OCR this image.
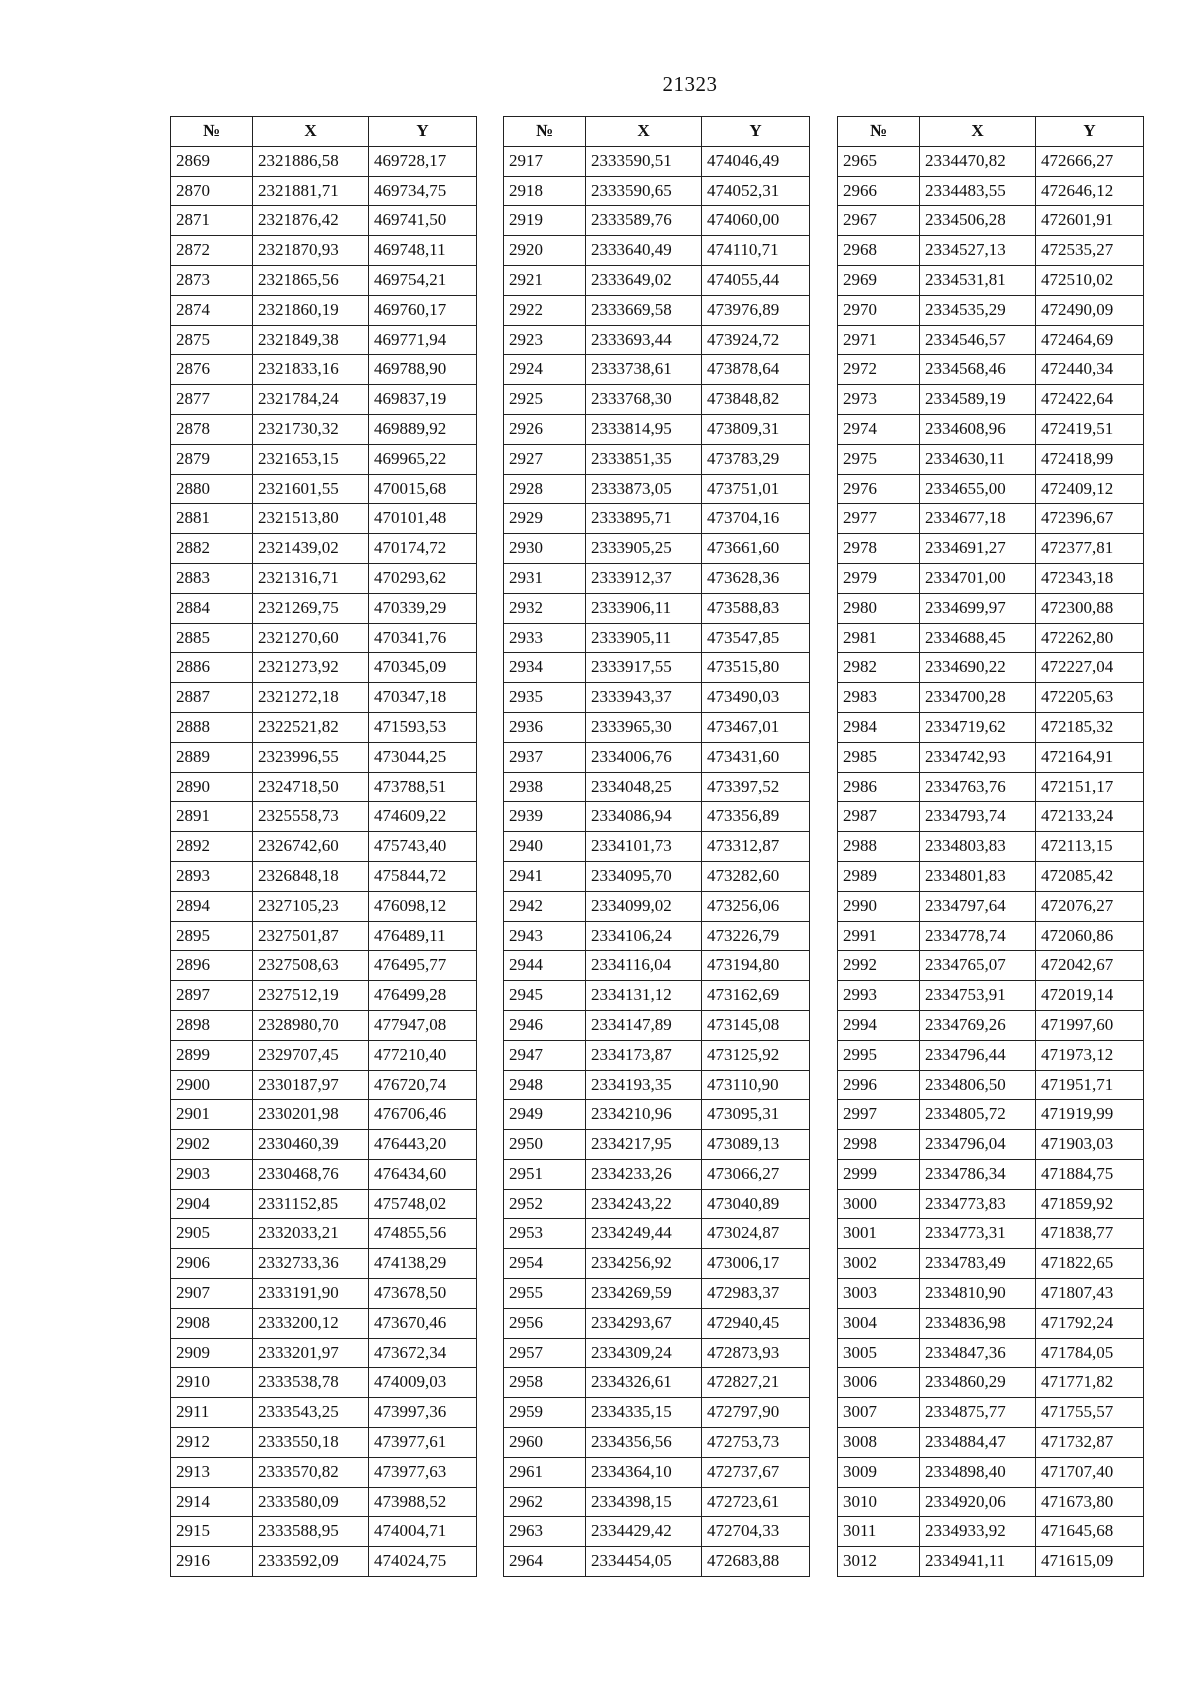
21323
№	X	Y
2869	2321886,58	469728,17
2870	2321881,71	469734,75
2871	2321876,42	469741,50
2872	2321870,93	469748,11
2873	2321865,56	469754,21
2874	2321860,19	469760,17
2875	2321849,38	469771,94
2876	2321833,16	469788,90
2877	2321784,24	469837,19
2878	2321730,32	469889,92
2879	2321653,15	469965,22
2880	2321601,55	470015,68
2881	2321513,80	470101,48
2882	2321439,02	470174,72
2883	2321316,71	470293,62
2884	2321269,75	470339,29
2885	2321270,60	470341,76
2886	2321273,92	470345,09
2887	2321272,18	470347,18
2888	2322521,82	471593,53
2889	2323996,55	473044,25
2890	2324718,50	473788,51
2891	2325558,73	474609,22
2892	2326742,60	475743,40
2893	2326848,18	475844,72
2894	2327105,23	476098,12
2895	2327501,87	476489,11
2896	2327508,63	476495,77
2897	2327512,19	476499,28
2898	2328980,70	477947,08
2899	2329707,45	477210,40
2900	2330187,97	476720,74
2901	2330201,98	476706,46
2902	2330460,39	476443,20
2903	2330468,76	476434,60
2904	2331152,85	475748,02
2905	2332033,21	474855,56
2906	2332733,36	474138,29
2907	2333191,90	473678,50
2908	2333200,12	473670,46
2909	2333201,97	473672,34
2910	2333538,78	474009,03
2911	2333543,25	473997,36
2912	2333550,18	473977,61
2913	2333570,82	473977,63
2914	2333580,09	473988,52
2915	2333588,95	474004,71
2916	2333592,09	474024,75
№	X	Y
2917	2333590,51	474046,49
2918	2333590,65	474052,31
2919	2333589,76	474060,00
2920	2333640,49	474110,71
2921	2333649,02	474055,44
2922	2333669,58	473976,89
2923	2333693,44	473924,72
2924	2333738,61	473878,64
2925	2333768,30	473848,82
2926	2333814,95	473809,31
2927	2333851,35	473783,29
2928	2333873,05	473751,01
2929	2333895,71	473704,16
2930	2333905,25	473661,60
2931	2333912,37	473628,36
2932	2333906,11	473588,83
2933	2333905,11	473547,85
2934	2333917,55	473515,80
2935	2333943,37	473490,03
2936	2333965,30	473467,01
2937	2334006,76	473431,60
2938	2334048,25	473397,52
2939	2334086,94	473356,89
2940	2334101,73	473312,87
2941	2334095,70	473282,60
2942	2334099,02	473256,06
2943	2334106,24	473226,79
2944	2334116,04	473194,80
2945	2334131,12	473162,69
2946	2334147,89	473145,08
2947	2334173,87	473125,92
2948	2334193,35	473110,90
2949	2334210,96	473095,31
2950	2334217,95	473089,13
2951	2334233,26	473066,27
2952	2334243,22	473040,89
2953	2334249,44	473024,87
2954	2334256,92	473006,17
2955	2334269,59	472983,37
2956	2334293,67	472940,45
2957	2334309,24	472873,93
2958	2334326,61	472827,21
2959	2334335,15	472797,90
2960	2334356,56	472753,73
2961	2334364,10	472737,67
2962	2334398,15	472723,61
2963	2334429,42	472704,33
2964	2334454,05	472683,88
№	X	Y
2965	2334470,82	472666,27
2966	2334483,55	472646,12
2967	2334506,28	472601,91
2968	2334527,13	472535,27
2969	2334531,81	472510,02
2970	2334535,29	472490,09
2971	2334546,57	472464,69
2972	2334568,46	472440,34
2973	2334589,19	472422,64
2974	2334608,96	472419,51
2975	2334630,11	472418,99
2976	2334655,00	472409,12
2977	2334677,18	472396,67
2978	2334691,27	472377,81
2979	2334701,00	472343,18
2980	2334699,97	472300,88
2981	2334688,45	472262,80
2982	2334690,22	472227,04
2983	2334700,28	472205,63
2984	2334719,62	472185,32
2985	2334742,93	472164,91
2986	2334763,76	472151,17
2987	2334793,74	472133,24
2988	2334803,83	472113,15
2989	2334801,83	472085,42
2990	2334797,64	472076,27
2991	2334778,74	472060,86
2992	2334765,07	472042,67
2993	2334753,91	472019,14
2994	2334769,26	471997,60
2995	2334796,44	471973,12
2996	2334806,50	471951,71
2997	2334805,72	471919,99
2998	2334796,04	471903,03
2999	2334786,34	471884,75
3000	2334773,83	471859,92
3001	2334773,31	471838,77
3002	2334783,49	471822,65
3003	2334810,90	471807,43
3004	2334836,98	471792,24
3005	2334847,36	471784,05
3006	2334860,29	471771,82
3007	2334875,77	471755,57
3008	2334884,47	471732,87
3009	2334898,40	471707,40
3010	2334920,06	471673,80
3011	2334933,92	471645,68
3012	2334941,11	471615,09
